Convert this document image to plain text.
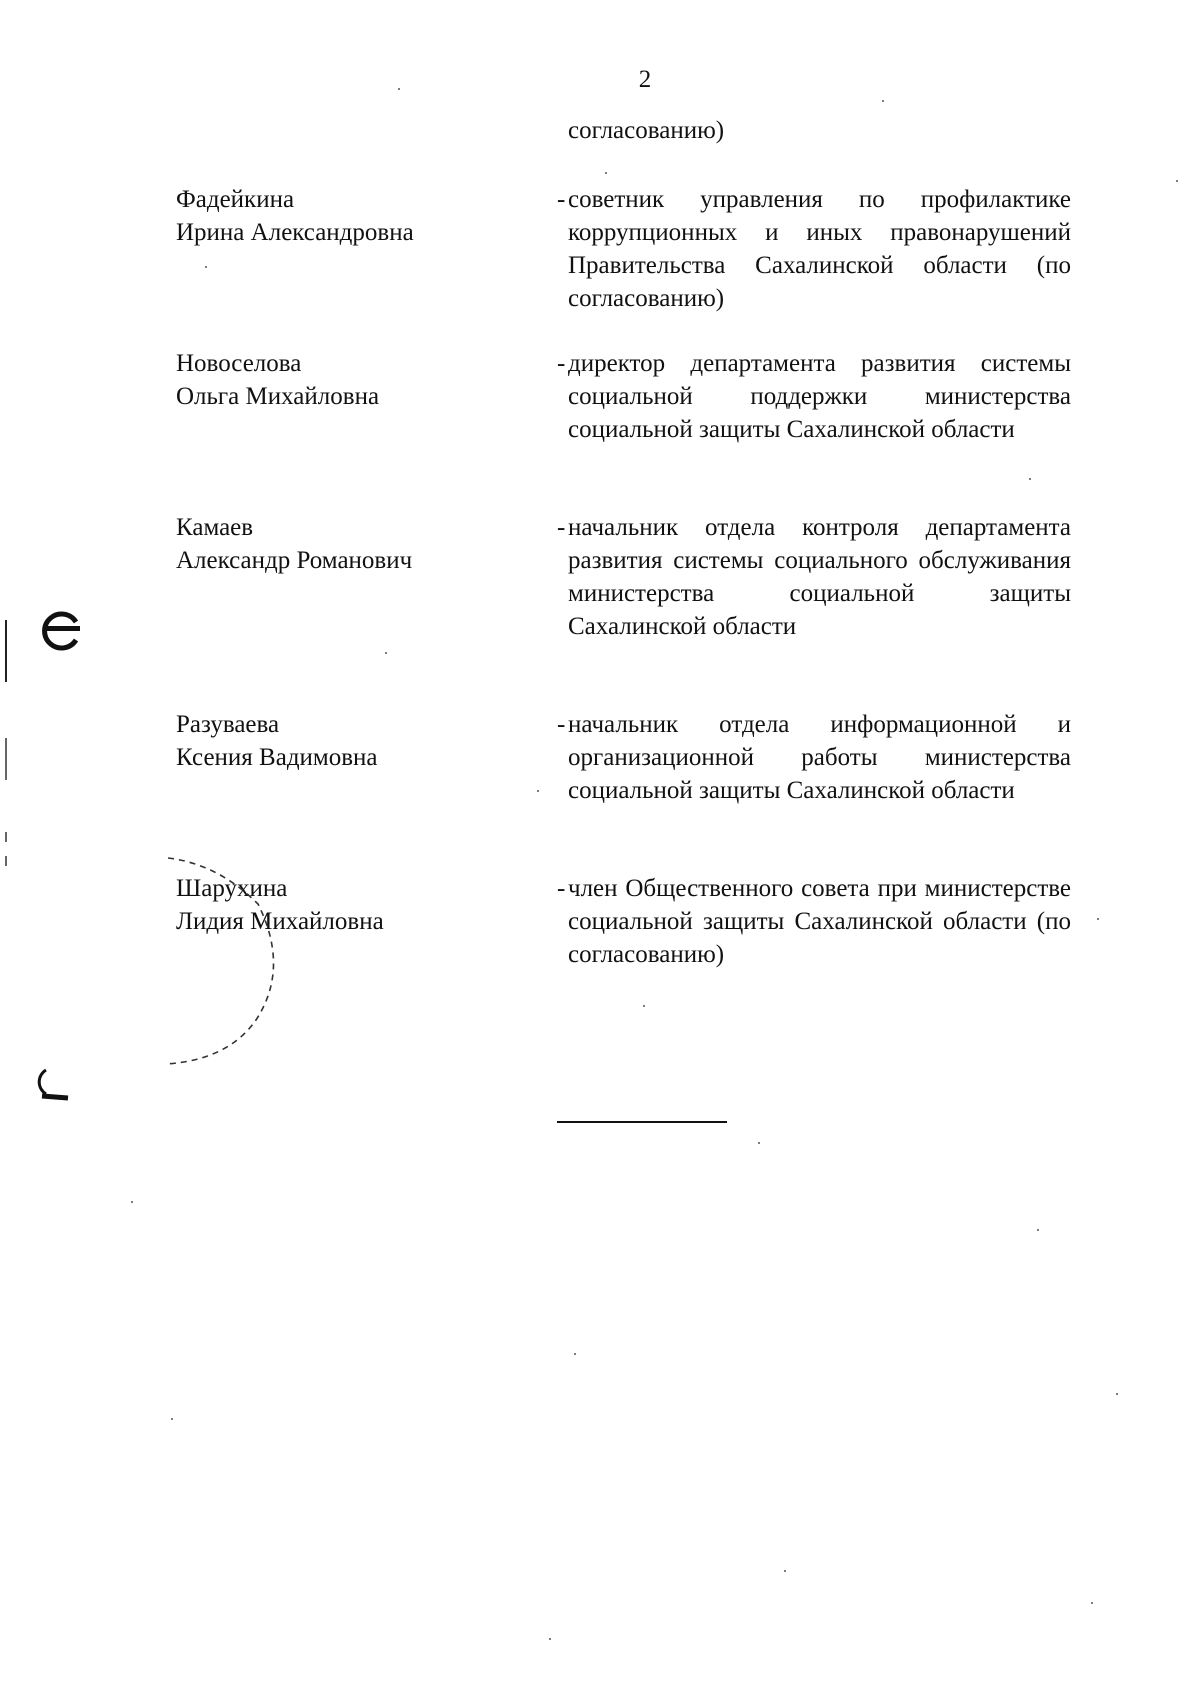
2
согласованию)
Фадейкина
Ирина Александровна
- советник управления по профилактике коррупционных и иных правонарушений Правительства Сахалинской области (по согласованию)
Новоселова
Ольга Михайловна
- директор департамента развития системы социальной поддержки министерства социальной защиты Сахалинской области
Камаев
Александр Романович
- начальник отдела контроля департамента развития системы социального обслуживания министерства социальной защиты Сахалинской области
Разуваева
Ксения Вадимовна
- начальник отдела информационной и организационной работы министерства социальной защиты Сахалинской области
Шарухина
Лидия Михайловна
- член Общественного совета при министерстве социальной защиты Сахалинской области (по согласованию)
